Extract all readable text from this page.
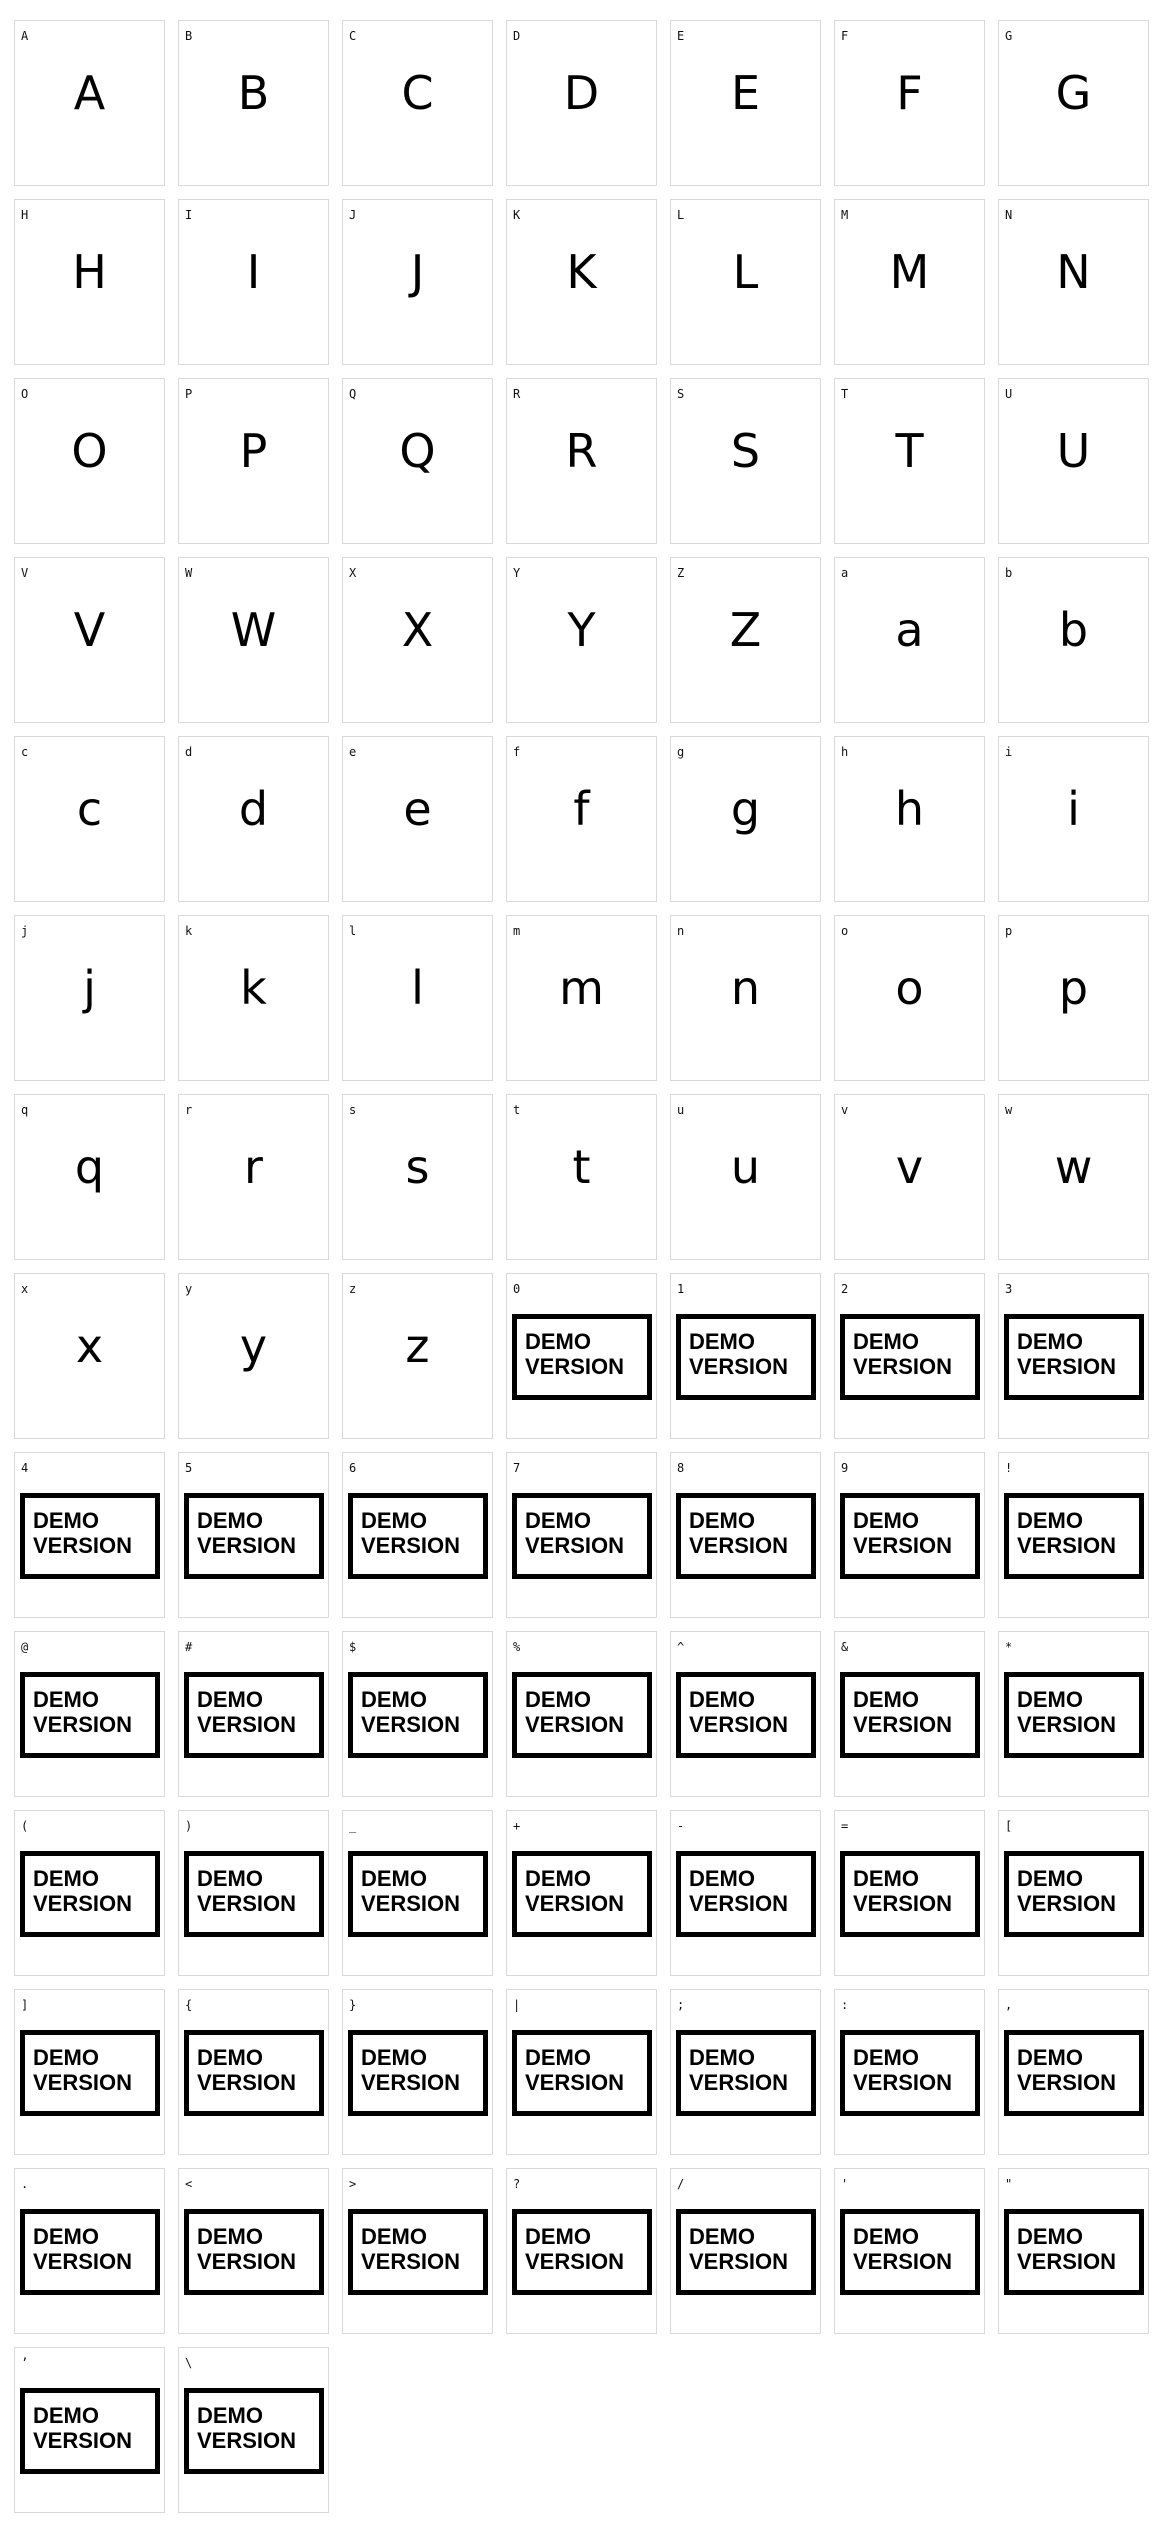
A
A
B
B
C
C
D
D
E
E
F
F
G
G
H
H
I
I
J
J
K
K
L
L
M
M
N
N
O
O
P
P
Q
Q
R
R
S
S
T
T
U
U
V
V
W
W
X
X
Y
Y
Z
Z
a
a
b
b
c
c
d
d
e
e
f
f
g
g
h
h
i
i
j
j
k
k
l
l
m
m
n
n
o
o
p
p
q
q
r
r
s
s
t
t
u
u
v
v
w
w
x
x
y
y
z
z
0
DEMO
VERSION
1
DEMO
VERSION
2
DEMO
VERSION
3
DEMO
VERSION
4
DEMO
VERSION
5
DEMO
VERSION
6
DEMO
VERSION
7
DEMO
VERSION
8
DEMO
VERSION
9
DEMO
VERSION
!
DEMO
VERSION
@
DEMO
VERSION
#
DEMO
VERSION
$
DEMO
VERSION
%
DEMO
VERSION
^
DEMO
VERSION
&
DEMO
VERSION
*
DEMO
VERSION
(
DEMO
VERSION
)
DEMO
VERSION
_
DEMO
VERSION
+
DEMO
VERSION
-
DEMO
VERSION
=
DEMO
VERSION
[
DEMO
VERSION
]
DEMO
VERSION
{
DEMO
VERSION
}
DEMO
VERSION
|
DEMO
VERSION
;
DEMO
VERSION
:
DEMO
VERSION
,
DEMO
VERSION
.
DEMO
VERSION
<
DEMO
VERSION
>
DEMO
VERSION
?
DEMO
VERSION
/
DEMO
VERSION
'
DEMO
VERSION
"
DEMO
VERSION
’
DEMO
VERSION
\
DEMO
VERSION
